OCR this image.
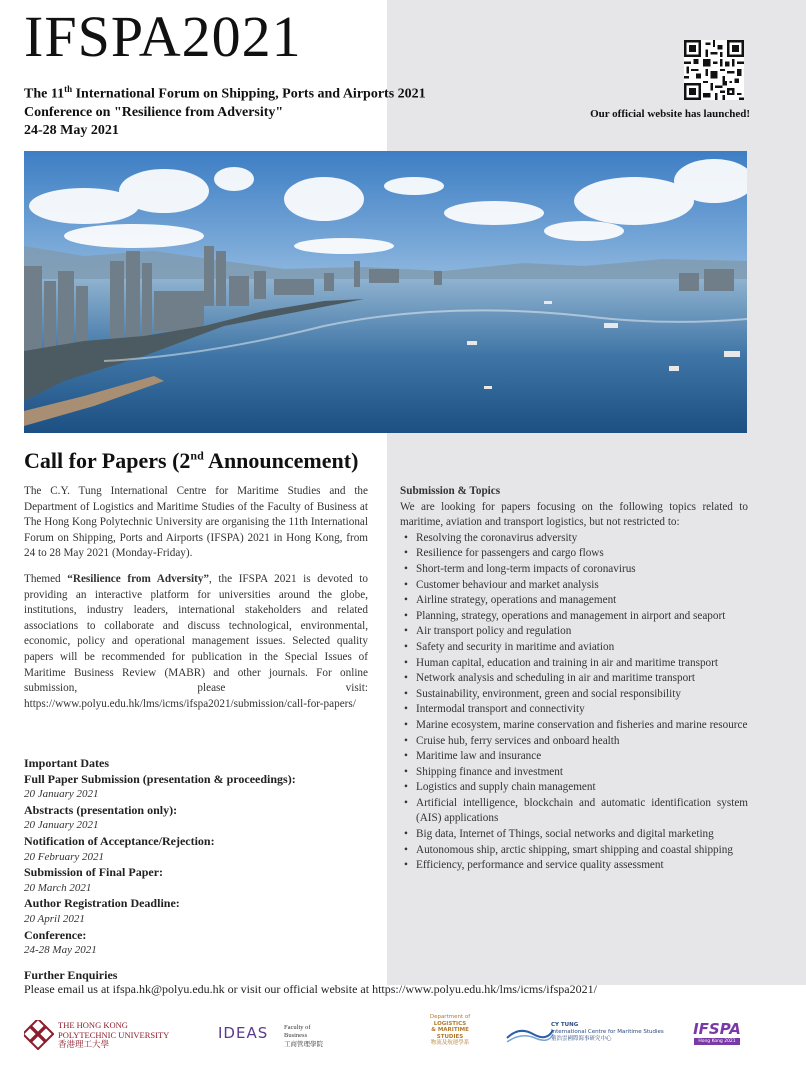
IFSPA2021
The 11th International Forum on Shipping, Ports and Airports 2021
Conference on "Resilience from Adversity"
24-28 May 2021
Our official website has launched!
Call for Papers (2nd Announcement)

The C.Y. Tung International Centre for Maritime Studies and the Department of Logistics and Maritime Studies of the Faculty of Business at The Hong Kong Polytechnic University are organising the 11th International Forum on Shipping, Ports and Airports (IFSPA) 2021 in Hong Kong, from 24 to 28 May 2021 (Monday-Friday).

Themed “Resilience from Adversity”, the IFSPA 2021 is devoted to providing an interactive platform for universities around the globe, institutions, industry leaders, international stakeholders and related associations to collaborate and discuss technological, environmental, economic, policy and operational management issues. Selected quality papers will be recommended for publication in the Special Issues of Maritime Business Review (MABR) and other journals. For online submission, please visit: https://www.polyu.edu.hk/lms/icms/ifspa2021/submission/call-for-papers/

Important Dates
Full Paper Submission (presentation & proceedings):
20 January 2021
Abstracts (presentation only):
20 January 2021
Notification of Acceptance/Rejection:
20 February 2021
Submission of Final Paper:
20 March 2021
Author Registration Deadline:
20 April 2021
Conference:
24-28 May 2021
Submission & Topics
We are looking for papers focusing on the following topics related to maritime, aviation and transport logistics, but not restricted to:
• Resolving the coronavirus adversity
• Resilience for passengers and cargo flows
• Short-term and long-term impacts of coronavirus
• Customer behaviour and market analysis
• Airline strategy, operations and management
• Planning, strategy, operations and management in airport and seaport
• Air transport policy and regulation
• Safety and security in maritime and aviation
• Human capital, education and training in air and maritime transport
• Network analysis and scheduling in air and maritime transport
• Sustainability, environment, green and social responsibility
• Intermodal transport and connectivity
• Marine ecosystem, marine conservation and fisheries and marine resource
• Cruise hub, ferry services and onboard health
• Maritime law and insurance
• Shipping finance and investment
• Logistics and supply chain management
• Artificial intelligence, blockchain and automatic identification system (AIS) applications
• Big data, Internet of Things, social networks and digital marketing
• Autonomous ship, arctic shipping, smart shipping and coastal shipping
• Efficiency, performance and service quality assessment
Further Enquiries
Please email us at ifspa.hk@polyu.edu.hk or visit our official website at https://www.polyu.edu.hk/lms/icms/ifspa2021/
THE HONG KONG
POLYTECHNIC UNIVERSITY
香港理工大學
IDEAS Faculty of
Business
工商管理學院
Department of
LOGISTICS
& MARITIME
STUDIES
物流及航運學系
CY TUNG
International Centre for Maritime Studies
董浩雲國際海事研究中心
IFSPA
Hong Kong 2021
